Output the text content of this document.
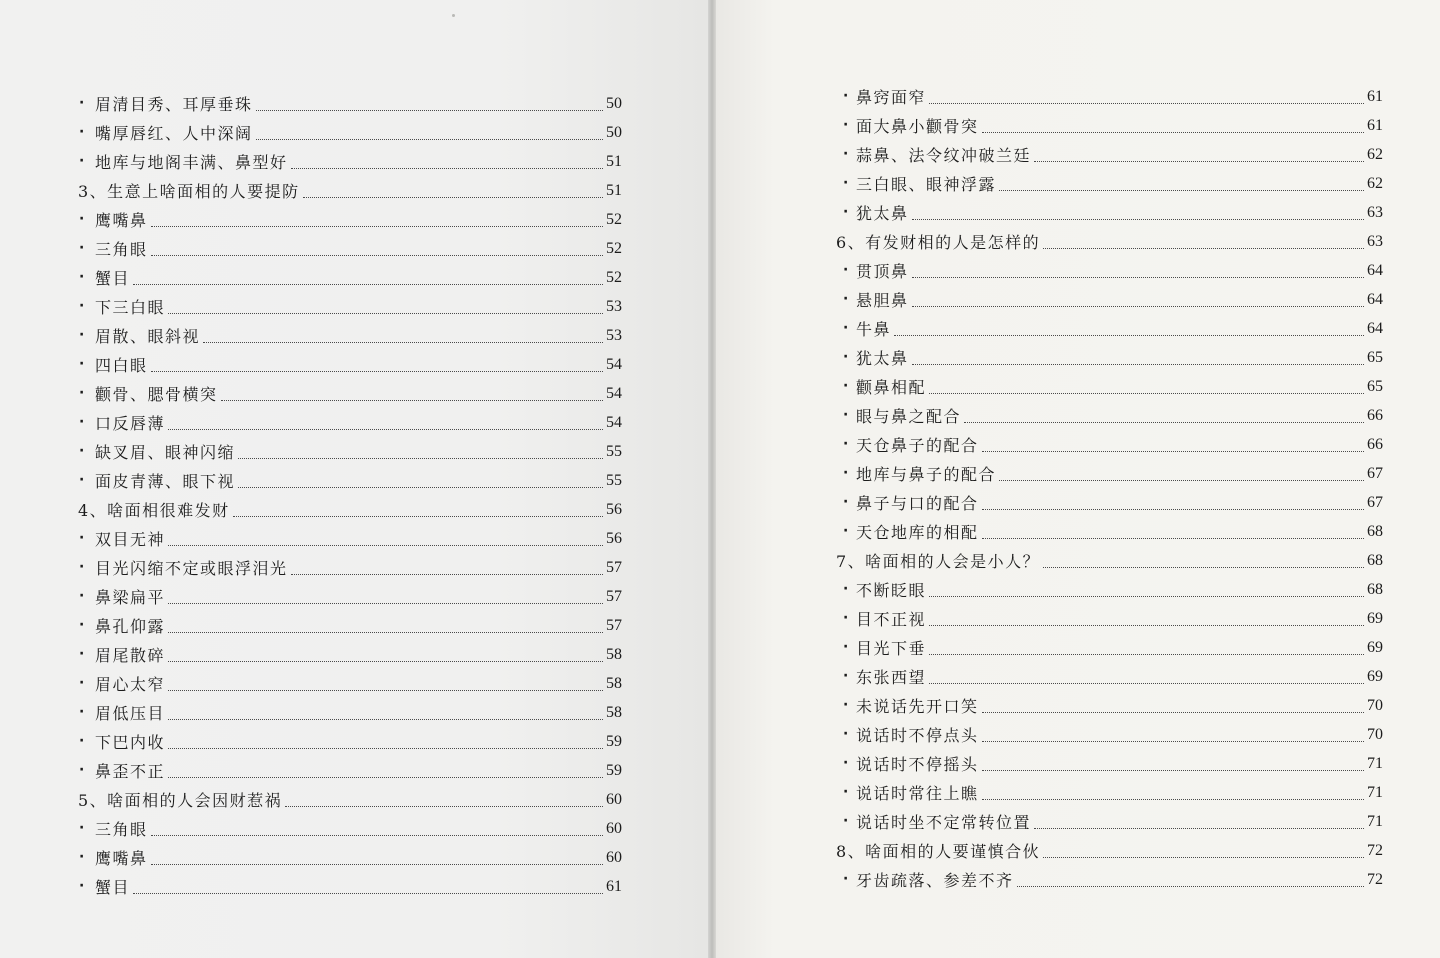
· 眉清目秀、耳厚垂珠	50
· 嘴厚唇红、人中深阔	50
· 地库与地阁丰满、鼻型好	51
3、生意上啥面相的人要提防	51
· 鹰嘴鼻	52
· 三角眼	52
· 蟹目	52
· 下三白眼	53
· 眉散、眼斜视	53
· 四白眼	54
· 颧骨、腮骨横突	54
· 口反唇薄	54
· 缺叉眉、眼神闪缩	55
· 面皮青薄、眼下视	55
4、啥面相很难发财	56
· 双目无神	56
· 目光闪缩不定或眼浮泪光	57
· 鼻梁扁平	57
· 鼻孔仰露	57
· 眉尾散碎	58
· 眉心太窄	58
· 眉低压目	58
· 下巴内收	59
· 鼻歪不正	59
5、啥面相的人会因财惹祸	60
· 三角眼	60
· 鹰嘴鼻	60
· 蟹目	61
· 鼻窍面窄	61
· 面大鼻小颧骨突	61
· 蒜鼻、法令纹冲破兰廷	62
· 三白眼、眼神浮露	62
· 犹太鼻	63
6、有发财相的人是怎样的	63
· 贯顶鼻	64
· 悬胆鼻	64
· 牛鼻	64
· 犹太鼻	65
· 颧鼻相配	65
· 眼与鼻之配合	66
· 天仓鼻子的配合	66
· 地库与鼻子的配合	67
· 鼻子与口的配合	67
· 天仓地库的相配	68
7、啥面相的人会是小人？	68
· 不断眨眼	68
· 目不正视	69
· 目光下垂	69
· 东张西望	69
· 未说话先开口笑	70
· 说话时不停点头	70
· 说话时不停摇头	71
· 说话时常往上瞧	71
· 说话时坐不定常转位置	71
8、啥面相的人要谨慎合伙	72
· 牙齿疏落、参差不齐	72
